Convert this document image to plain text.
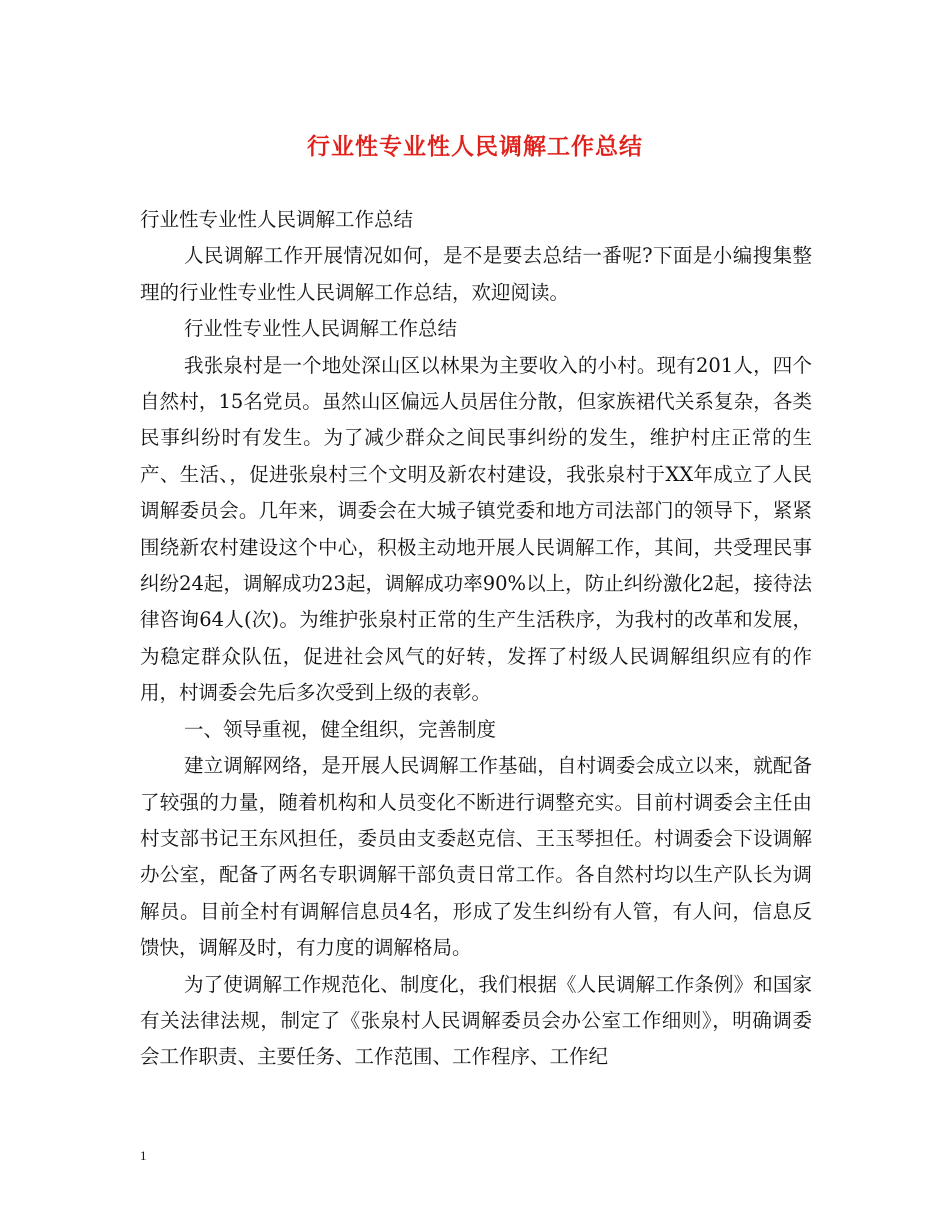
行业性专业性人民调解工作总结

行业性专业性人民调解工作总结

人民调解工作开展情况如何，是不是要去总结一番呢?下面是小编搜集整理的行业性专业性人民调解工作总结，欢迎阅读。

行业性专业性人民调解工作总结

我张泉村是一个地处深山区以林果为主要收入的小村。现有201人，四个自然村，15名党员。虽然山区偏远人员居住分散，但家族裙代关系复杂，各类民事纠纷时有发生。为了减少群众之间民事纠纷的发生，维护村庄正常的生产、生活、，促进张泉村三个文明及新农村建设，我张泉村于XX年成立了人民调解委员会。几年来，调委会在大城子镇党委和地方司法部门的领导下，紧紧围绕新农村建设这个中心，积极主动地开展人民调解工作，其间，共受理民事纠纷24起，调解成功23起，调解成功率90%以上，防止纠纷激化2起，接待法律咨询64人(次)。为维护张泉村正常的生产生活秩序，为我村的改革和发展，为稳定群众队伍，促进社会风气的好转，发挥了村级人民调解组织应有的作用，村调委会先后多次受到上级的表彰。

一、领导重视，健全组织，完善制度

建立调解网络，是开展人民调解工作基础，自村调委会成立以来，就配备了较强的力量，随着机构和人员变化不断进行调整充实。目前村调委会主任由村支部书记王东风担任，委员由支委赵克信、王玉琴担任。村调委会下设调解办公室，配备了两名专职调解干部负责日常工作。各自然村均以生产队长为调解员。目前全村有调解信息员4名，形成了发生纠纷有人管，有人问，信息反馈快，调解及时，有力度的调解格局。

为了使调解工作规范化、制度化，我们根据《人民调解工作条例》和国家有关法律法规，制定了《张泉村人民调解委员会办公室工作细则》，明确调委会工作职责、主要任务、工作范围、工作程序、工作纪

1
